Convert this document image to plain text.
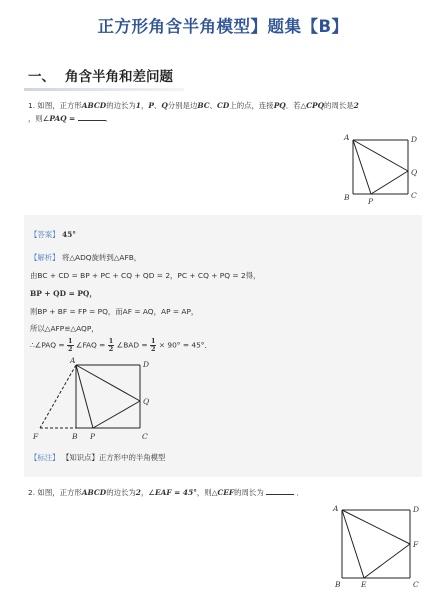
正方形角含半角模型】题集【B】
一、 角含半角和差问题
1. 如图，正方形ABCD的边长为1，P、Q分别是边BC、CD上的点，连接PQ．若△CPQ的周长是2
，则∠PAQ =	．
A	D
Q
C
B P
【答案】 45°
【解析】 将△ADQ旋转到△AFB，
由BC + CD = BP + PC + CQ + QD = 2，PC + CQ + PQ = 2得，
BP + QD = PQ，
则BP + BF = FP = PQ，而AF = AQ，AP = AP，
所以△AFP≌△AQP，
∴∠PAQ = $\frac{1}{2}$ ∠FAQ = $\frac{1}{2}$ ∠BAD = $\frac{1}{2} \times 90^\circ = 45^\circ$．
A	D
Q
C
B P
F
【标注】 【知识点】正方形中的半角模型
2. 如图，正方形ABCD的边长为2，∠EAF = 45°，则△CEF的周长为	．
A	D
F
C
B	E
